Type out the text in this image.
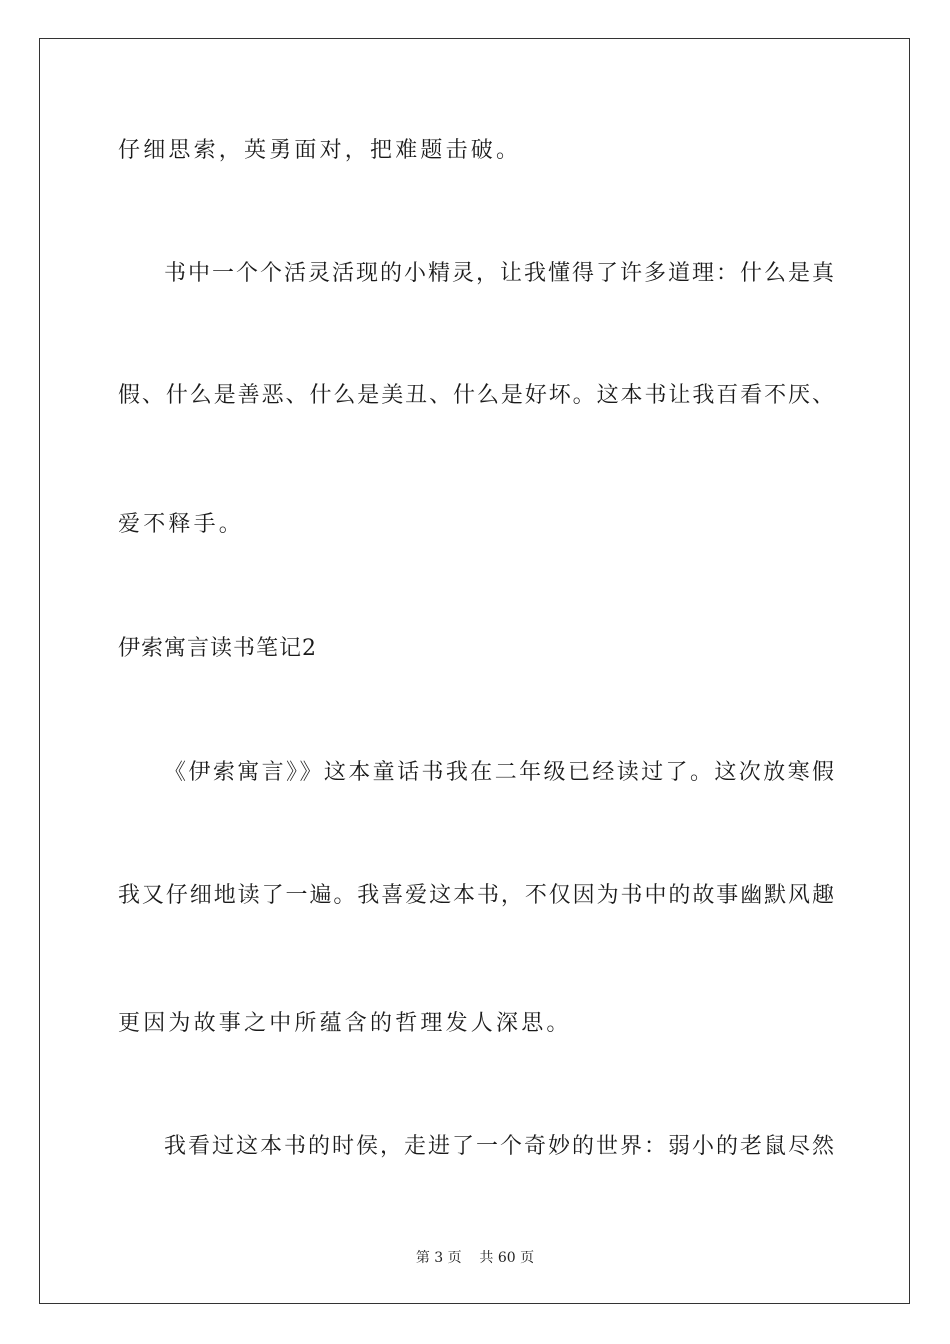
仔细思索，英勇面对，把难题击破。
书中一个个活灵活现的小精灵，让我懂得了许多道理：什么是真
假、什么是善恶、什么是美丑、什么是好坏。这本书让我百看不厌、
爱不释手。
伊索寓言读书笔记2
《伊索寓言》》这本童话书我在二年级已经读过了。这次放寒假
我又仔细地读了一遍。我喜爱这本书，不仅因为书中的故事幽默风趣
更因为故事之中所蕴含的哲理发人深思。
我看过这本书的时侯，走进了一个奇妙的世界：弱小的老鼠尽然
第 3 页    共 60 页
